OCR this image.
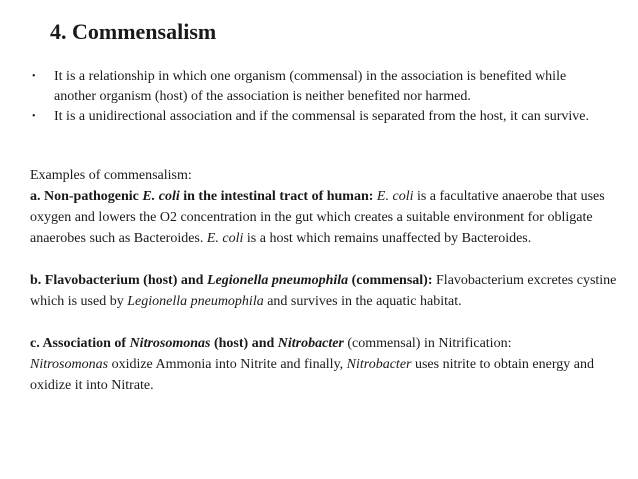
4. Commensalism
• It is a relationship in which one organism (commensal) in the association is benefited while another organism (host) of the association is neither benefited nor harmed.
• It is a unidirectional association and if the commensal is separated from the host, it can survive.

Examples of commensalism:

a. Non-pathogenic E. coli in the intestinal tract of human: E. coli is a facultative anaerobe that uses oxygen and lowers the O2 concentration in the gut which creates a suitable environment for obligate anaerobes such as Bacteroides. E. coli is a host which remains unaffected by Bacteroides.

b. Flavobacterium (host) and Legionella pneumophila (commensal): Flavobacterium excretes cystine which is used by Legionella pneumophila and survives in the aquatic habitat.

c. Association of Nitrosomonas (host) and Nitrobacter (commensal) in Nitrification:
Nitrosomonas oxidize Ammonia into Nitrite and finally, Nitrobacter uses nitrite to obtain energy and oxidize it into Nitrate.
